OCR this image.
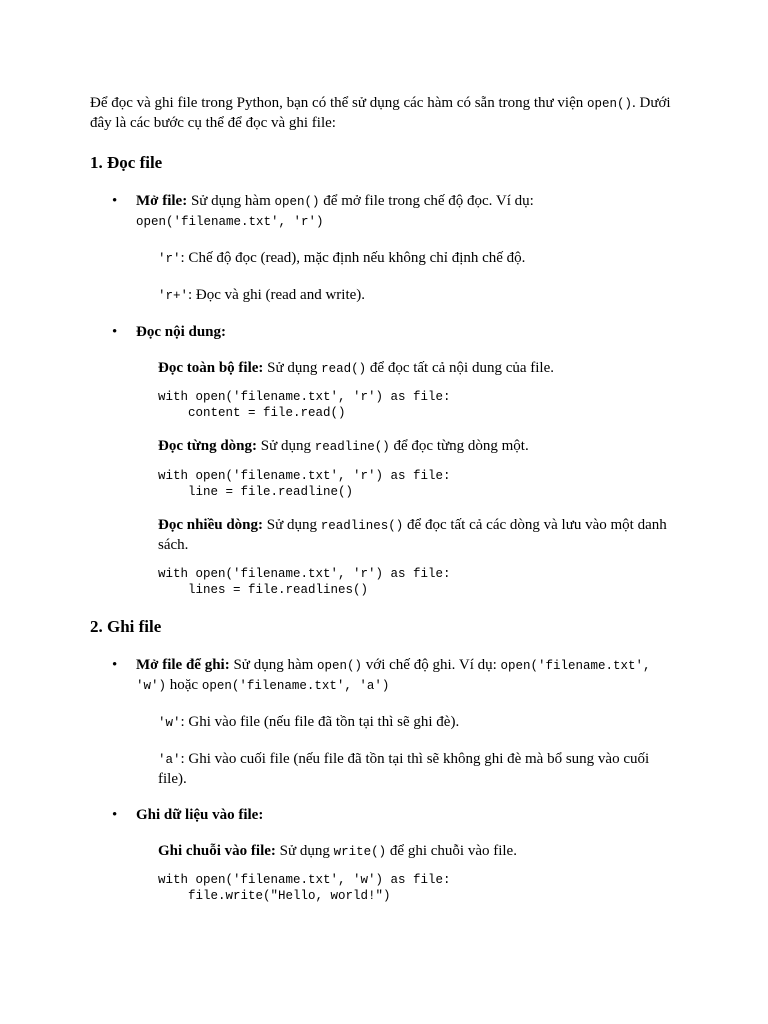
Để đọc và ghi file trong Python, bạn có thể sử dụng các hàm có sẵn trong thư viện open(). Dưới đây là các bước cụ thể để đọc và ghi file:

1. Đọc file
• Mở file: Sử dụng hàm open() để mở file trong chế độ đọc. Ví dụ:
open('filename.txt', 'r')

'r': Chế độ đọc (read), mặc định nếu không chỉ định chế độ.

'r+': Đọc và ghi (read and write).

• Đọc nội dung:

Đọc toàn bộ file: Sử dụng read() để đọc tất cả nội dung của file.

with open('filename.txt', 'r') as file:
content = file.read()

Đọc từng dòng: Sử dụng readline() để đọc từng dòng một.

with open('filename.txt', 'r') as file:
line = file.readline()

Đọc nhiều dòng: Sử dụng readlines() để đọc tất cả các dòng và lưu vào một danh sách.

with open('filename.txt', 'r') as file:
lines = file.readlines()
2. Ghi file
• Mở file để ghi: Sử dụng hàm open() với chế độ ghi. Ví dụ: open('filename.txt', 'w') hoặc open('filename.txt', 'a')

'w': Ghi vào file (nếu file đã tồn tại thì sẽ ghi đè).

'a': Ghi vào cuối file (nếu file đã tồn tại thì sẽ không ghi đè mà bổ sung vào cuối file).

• Ghi dữ liệu vào file:

Ghi chuỗi vào file: Sử dụng write() để ghi chuỗi vào file.

with open('filename.txt', 'w') as file:
file.write("Hello, world!")
